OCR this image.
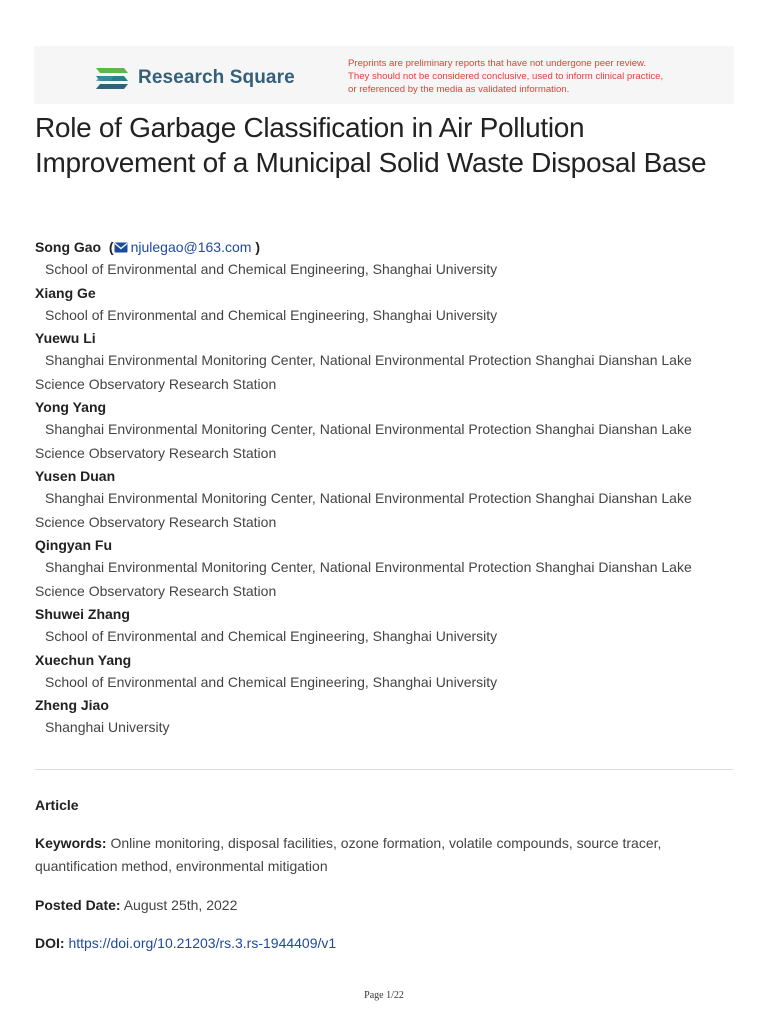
Research Square
Preprints are preliminary reports that have not undergone peer review.
They should not be considered conclusive, used to inform clinical practice,
or referenced by the media as validated information.
Role of Garbage Classification in Air Pollution Improvement of a Municipal Solid Waste Disposal Base
Song Gao  ( njulegao@163.com )
School of Environmental and Chemical Engineering, Shanghai University
Xiang Ge
School of Environmental and Chemical Engineering, Shanghai University
Yuewu Li
Shanghai Environmental Monitoring Center, National Environmental Protection Shanghai Dianshan Lake Science Observatory Research Station
Yong Yang
Shanghai Environmental Monitoring Center, National Environmental Protection Shanghai Dianshan Lake Science Observatory Research Station
Yusen Duan
Shanghai Environmental Monitoring Center, National Environmental Protection Shanghai Dianshan Lake Science Observatory Research Station
Qingyan Fu
Shanghai Environmental Monitoring Center, National Environmental Protection Shanghai Dianshan Lake Science Observatory Research Station
Shuwei Zhang
School of Environmental and Chemical Engineering, Shanghai University
Xuechun Yang
School of Environmental and Chemical Engineering, Shanghai University
Zheng Jiao
Shanghai University
Article
Keywords: Online monitoring, disposal facilities, ozone formation, volatile compounds, source tracer, quantification method, environmental mitigation
Posted Date: August 25th, 2022
DOI: https://doi.org/10.21203/rs.3.rs-1944409/v1
Page 1/22
